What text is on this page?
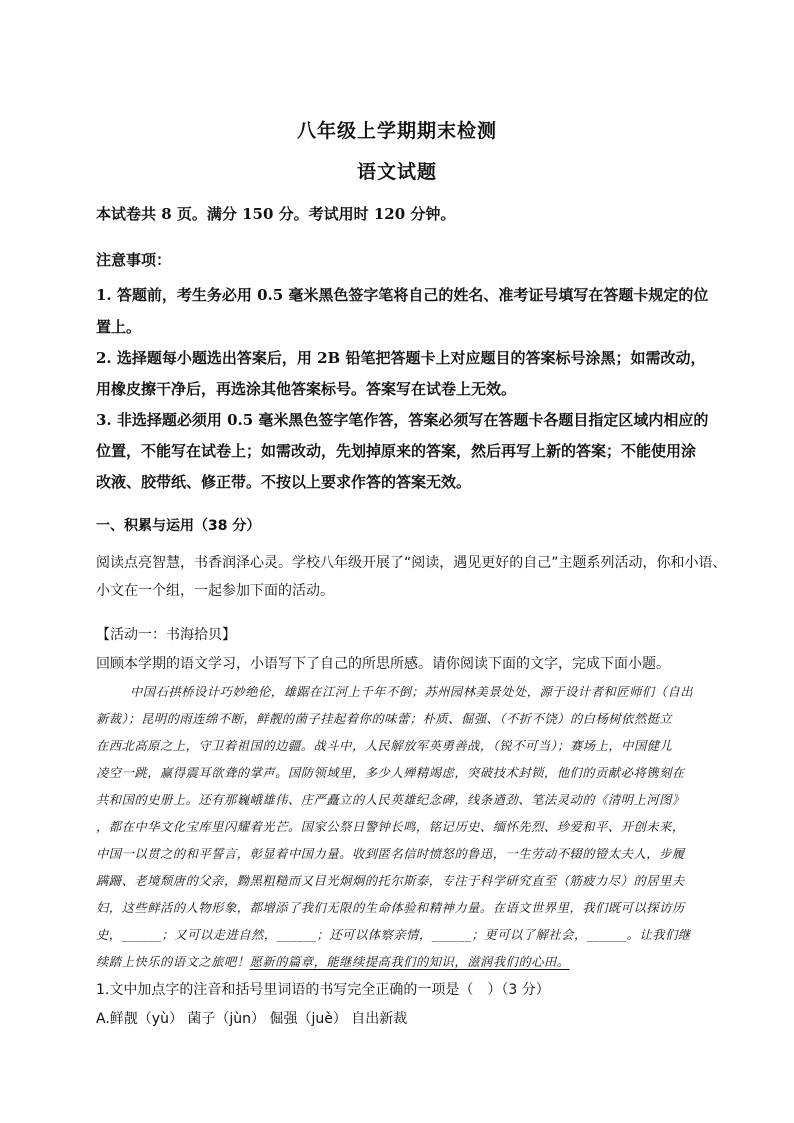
八年级上学期期末检测
语文试题
本试卷共 8 页。满分 150 分。考试用时 120 分钟。
注意事项：
1. 答题前，考生务必用 0.5 毫米黑色签字笔将自己的姓名、准考证号填写在答题卡规定的位
置上。
2. 选择题每小题选出答案后，用 2B 铅笔把答题卡上对应题目的答案标号涂黑；如需改动，
用橡皮擦干净后，再选涂其他答案标号。答案写在试卷上无效。
3. 非选择题必须用 0.5 毫米黑色签字笔作答，答案必须写在答题卡各题目指定区域内相应的
位置，不能写在试卷上；如需改动，先划掉原来的答案，然后再写上新的答案；不能使用涂
改液、胶带纸、修正带。不按以上要求作答的答案无效。
一、积累与运用（38 分）
阅读点亮智慧，书香润泽心灵。学校八年级开展了“阅读，遇见更好的自己”主题系列活动，你和小语、
小文在一个组，一起参加下面的活动。
【活动一：书海拾贝】
回顾本学期的语文学习，小语写下了自己的所思所感。请你阅读下面的文字，完成下面小题。
中国石拱桥设计巧妙绝伦，雄踞在江河上千年不倒；苏州园林美景处处，源于设计者和匠师们（自出
新裁）；昆明的雨连绵不断，鲜靓的菌子挂起着你的味蕾；朴质、倔强、（不折不饶）的白杨树依然挺立
在西北高原之上，守卫着祖国的边疆。战斗中，人民解放军英勇善战，（锐不可当）；赛场上，中国健儿
凌空一跳，赢得震耳欲聋的掌声。国防领域里，多少人殚精竭虑，突破技术封锁，他们的贡献必将镌刻在
共和国的史册上。还有那巍峨雄伟、庄严矗立的人民英雄纪念碑，线条遒劲、笔法灵动的《清明上河图》
，都在中华文化宝库里闪耀着光芒。国家公祭日警钟长鸣，铭记历史、缅怀先烈、珍爱和平、开创未来，
中国一以贯之的和平誓言，彰显着中国力量。收到匿名信时愤怒的鲁迅，一生劳动不辍的镫太夫人，步履
蹒跚、老境颓唐的父亲，黝黑粗糙而又目光炯炯的托尔斯泰，专注于科学研究直至（筋疲力尽）的居里夫
妇，这些鲜活的人物形象，都增添了我们无限的生命体验和精神力量。在语文世界里，我们既可以探访历
史，______；又可以走进自然，______；还可以体察亲情，______；更可以了解社会，______。让我们继
续踏上快乐的语文之旅吧！愿新的篇章，能继续提高我们的知识，滋润我们的心田。
1.文中加点字的注音和括号里词语的书写完全正确的一项是（　）（3 分）
A.鲜靓（yù） 菌子（jùn） 倔强（juè） 自出新裁
